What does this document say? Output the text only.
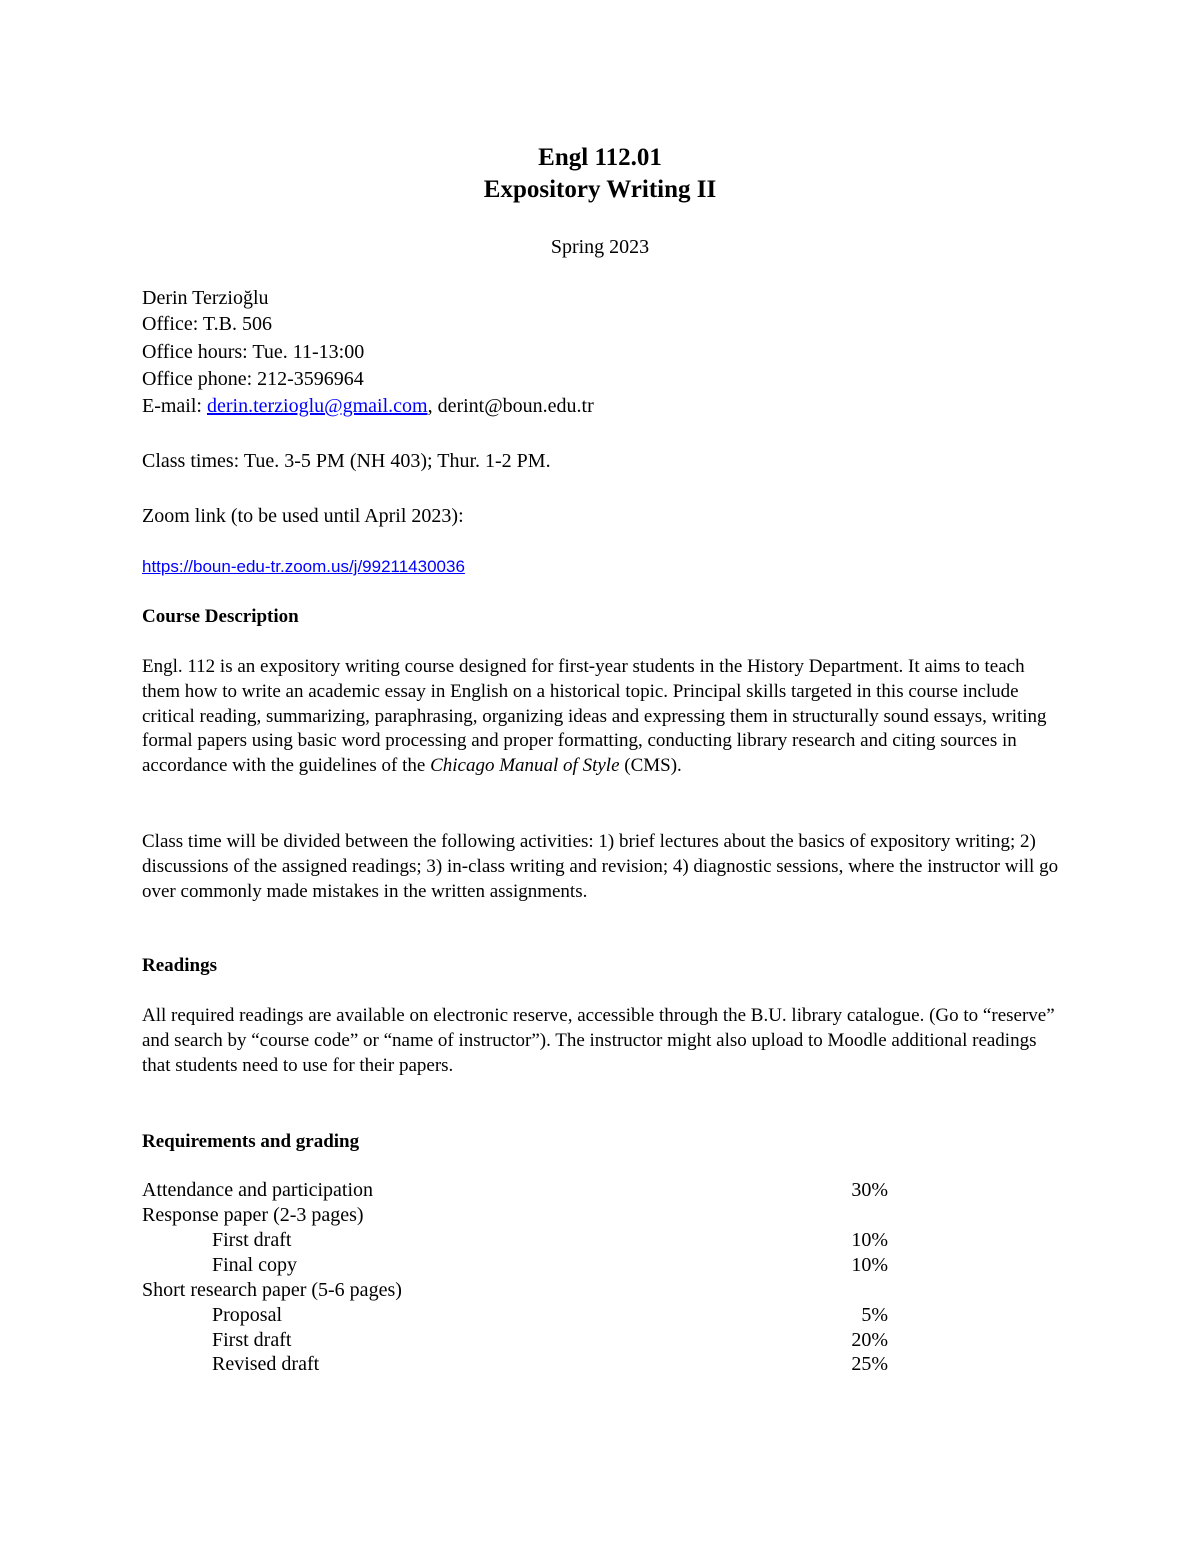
Engl 112.01
Expository Writing II
Spring 2023
Derin Terzioğlu
Office: T.B. 506
Office hours: Tue. 11-13:00
Office phone: 212-3596964
E-mail: derin.terzioglu@gmail.com, derint@boun.edu.tr
Class times: Tue. 3-5 PM (NH 403); Thur. 1-2 PM.
Zoom link (to be used until April 2023):
https://boun-edu-tr.zoom.us/j/99211430036
Course Description
Engl. 112 is an expository writing course designed for first-year students in the History Department. It aims to teach them how to write an academic essay in English on a historical topic. Principal skills targeted in this course include critical reading, summarizing, paraphrasing, organizing ideas and expressing them in structurally sound essays, writing formal papers using basic word processing and proper formatting, conducting library research and citing sources in accordance with the guidelines of the Chicago Manual of Style (CMS).
Class time will be divided between the following activities: 1) brief lectures about the basics of expository writing; 2) discussions of the assigned readings; 3) in-class writing and revision; 4) diagnostic sessions, where the instructor will go over commonly made mistakes in the written assignments.
Readings
All required readings are available on electronic reserve, accessible through the B.U. library catalogue. (Go to “reserve” and search by “course code” or “name of instructor”). The instructor might also upload to Moodle additional readings that students need to use for their papers.
Requirements and grading
Attendance and participation	30%
Response paper (2-3 pages)
First draft	10%
Final copy	10%
Short research paper (5-6 pages)
Proposal	5%
First draft	20%
Revised draft	25%
